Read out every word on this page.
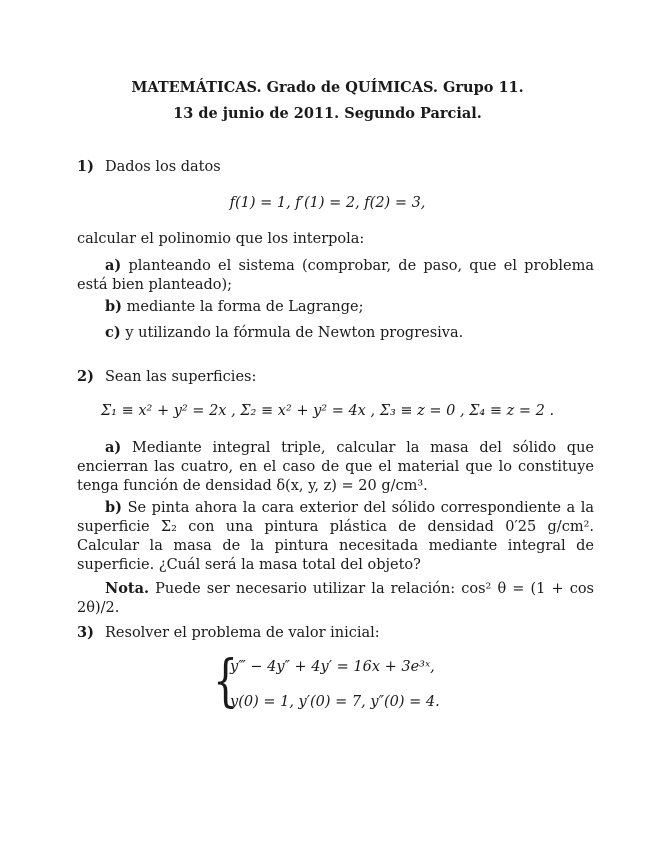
MATEMÁTICAS. Grado de QUÍMICAS. Grupo 11.
13 de junio de 2011. Segundo Parcial.
1) Dados los datos
f(1) = 1, f′(1) = 2, f(2) = 3,
calcular el polinomio que los interpola:
a) planteando el sistema (comprobar, de paso, que el problema está bien planteado);
b) mediante la forma de Lagrange;
c) y utilizando la fórmula de Newton progresiva.
2) Sean las superficies:
Σ₁ ≡ x² + y² = 2x , Σ₂ ≡ x² + y² = 4x , Σ₃ ≡ z = 0 , Σ₄ ≡ z = 2 .
a) Mediante integral triple, calcular la masa del sólido que encierran las cuatro, en el caso de que el material que lo constituye tenga función de densidad δ(x, y, z) = 20 g/cm³.
b) Se pinta ahora la cara exterior del sólido correspondiente a la superficie Σ₂ con una pintura plástica de densidad 0′25 g/cm². Calcular la masa de la pintura necesitada mediante integral de superficie. ¿Cuál será la masa total del objeto?
Nota. Puede ser necesario utilizar la relación: cos² θ = (1 + cos 2θ)/2.
3) Resolver el problema de valor inicial:
{
y‴ − 4y″ + 4y′ = 16x + 3e³ˣ,
y(0) = 1, y′(0) = 7, y″(0) = 4.
